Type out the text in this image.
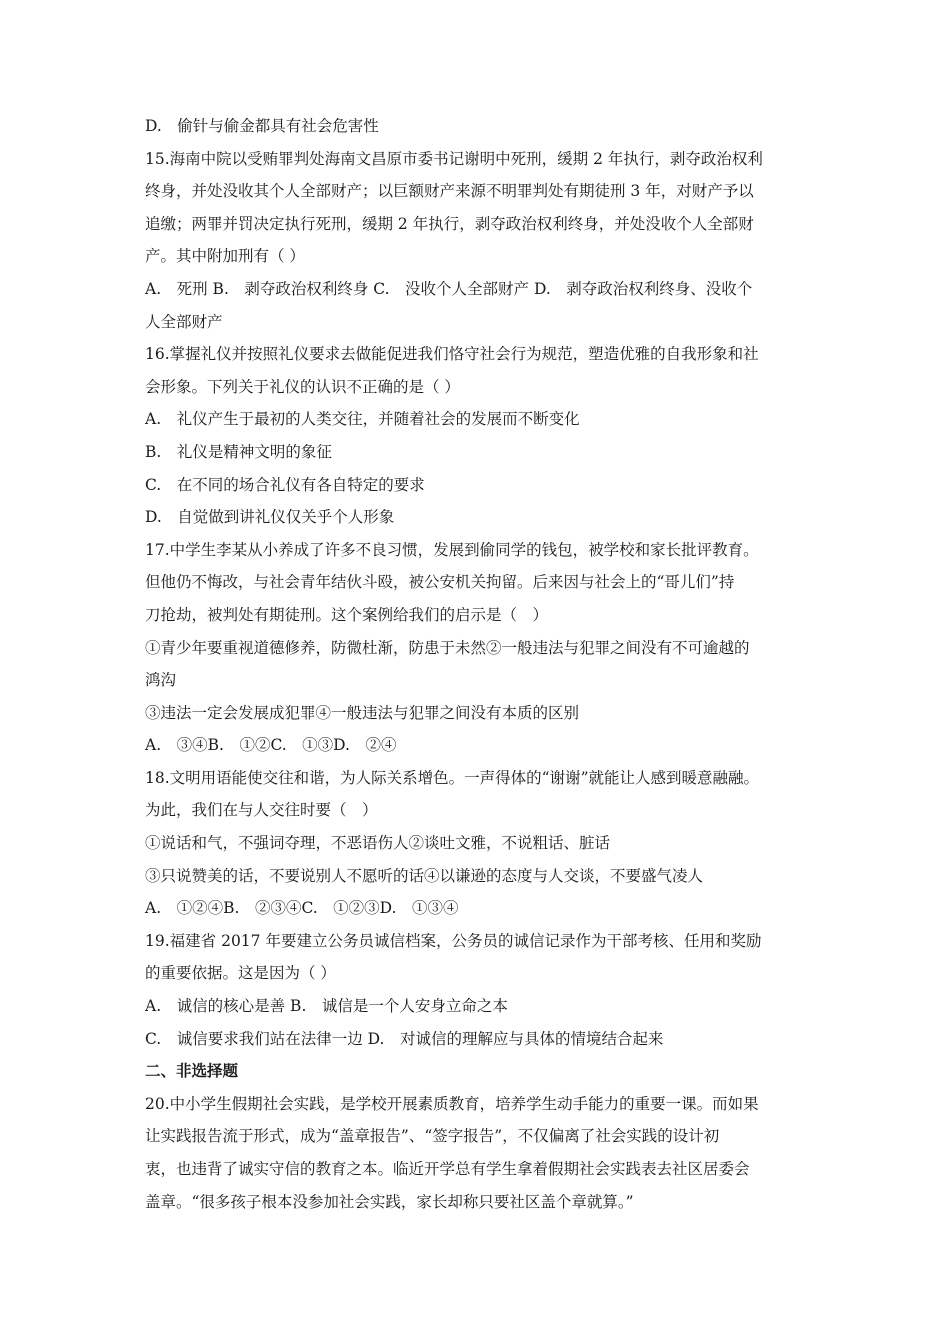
D.　偷针与偷金都具有社会危害性
15.海南中院以受贿罪判处海南文昌原市委书记谢明中死刑，缓期 2 年执行，剥夺政治权利
终身，并处没收其个人全部财产；以巨额财产来源不明罪判处有期徒刑 3 年，对财产予以
追缴；两罪并罚决定执行死刑，缓期 2 年执行，剥夺政治权利终身，并处没收个人全部财
产。其中附加刑有（ ）
A.　死刑 B.　剥夺政治权利终身 C.　没收个人全部财产 D.　剥夺政治权利终身、没收个
人全部财产
16.掌握礼仪并按照礼仪要求去做能促进我们恪守社会行为规范，塑造优雅的自我形象和社
会形象。下列关于礼仪的认识不正确的是（ ）
A.　礼仪产生于最初的人类交往，并随着社会的发展而不断变化
B.　礼仪是精神文明的象征
C.　在不同的场合礼仪有各自特定的要求
D.　自觉做到讲礼仪仅关乎个人形象
17.中学生李某从小养成了许多不良习惯，发展到偷同学的钱包，被学校和家长批评教育。
但他仍不悔改，与社会青年结伙斗殴，被公安机关拘留。后来因与社会上的“哥儿们”持
刀抢劫，被判处有期徒刑。这个案例给我们的启示是（　）
①青少年要重视道德修养，防微杜渐，防患于未然②一般违法与犯罪之间没有不可逾越的
鸿沟
③违法一定会发展成犯罪④一般违法与犯罪之间没有本质的区别
A.　③④B.　①②C.　①③D.　②④
18.文明用语能使交往和谐，为人际关系增色。一声得体的“谢谢”就能让人感到暖意融融。
为此，我们在与人交往时要（　）
①说话和气，不强词夺理，不恶语伤人②谈吐文雅，不说粗话、脏话
③只说赞美的话，不要说别人不愿听的话④以谦逊的态度与人交谈，不要盛气凌人
A.　①②④B.　②③④C.　①②③D.　①③④
19.福建省 2017 年要建立公务员诚信档案，公务员的诚信记录作为干部考核、任用和奖励
的重要依据。这是因为（ ）
A.　诚信的核心是善 B.　诚信是一个人安身立命之本
C.　诚信要求我们站在法律一边 D.　对诚信的理解应与具体的情境结合起来
二、非选择题
20.中小学生假期社会实践，是学校开展素质教育，培养学生动手能力的重要一课。而如果
让实践报告流于形式，成为“盖章报告”、“签字报告”，不仅偏离了社会实践的设计初
衷，也违背了诚实守信的教育之本。临近开学总有学生拿着假期社会实践表去社区居委会
盖章。“很多孩子根本没参加社会实践，家长却称只要社区盖个章就算。”
